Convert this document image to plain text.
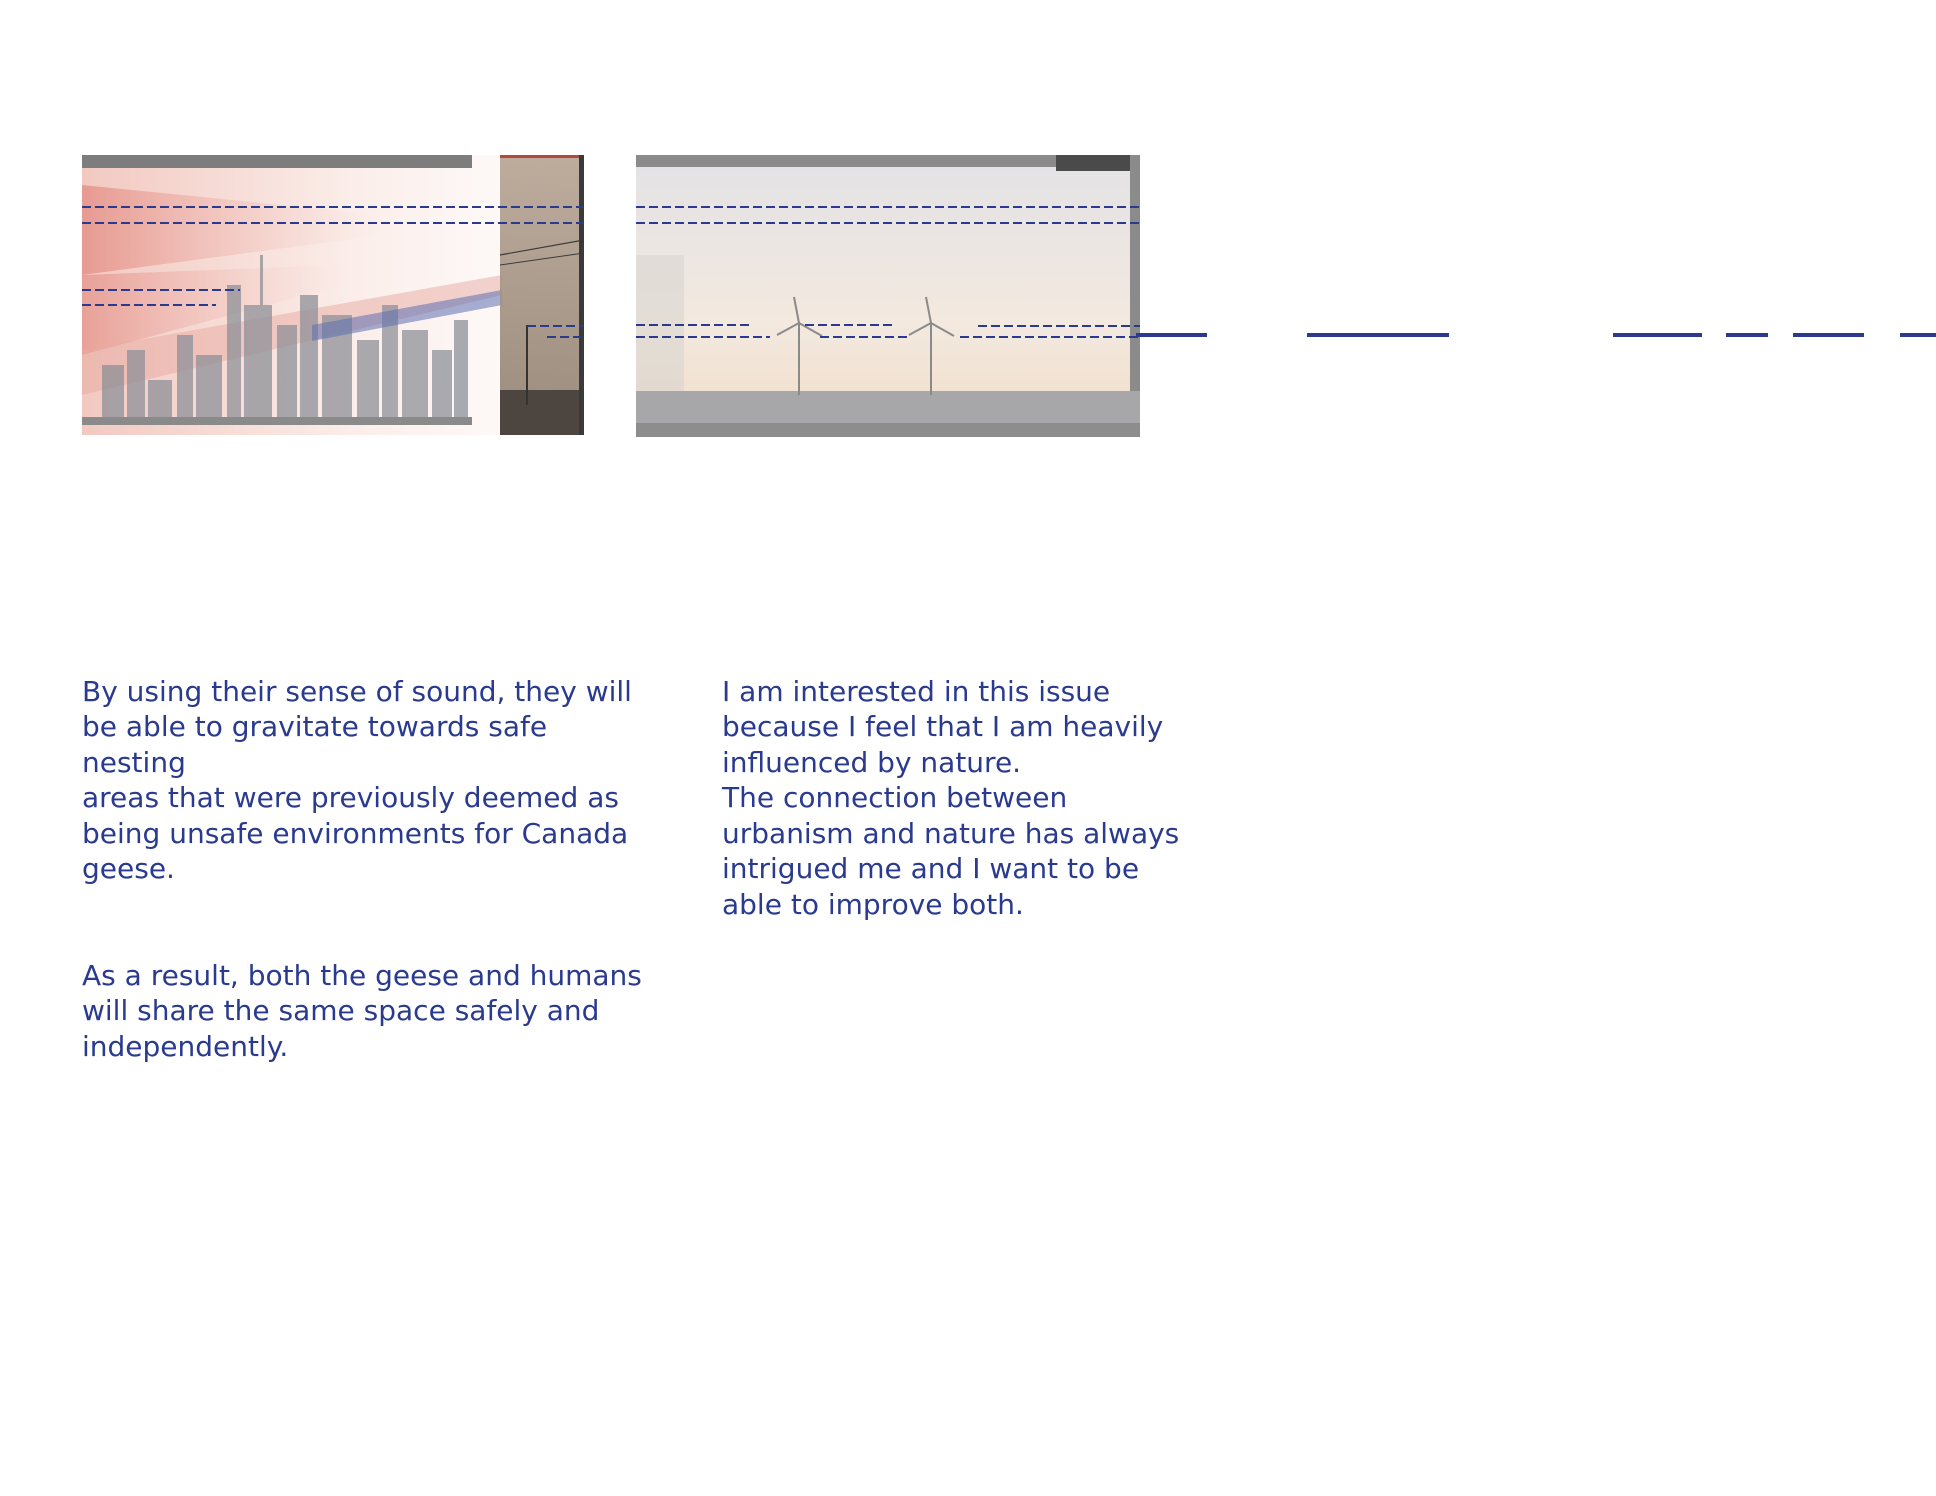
By using their sense of sound, they will
be able to gravitate towards safe nesting
areas that were previously deemed as
being unsafe environments for Canada
geese.

As a result, both the geese and humans
will share the same space safely and
independently.

I am interested in this issue
because I feel that I am heavily
influenced by nature.
The connection between
urbanism and nature has always
intrigued me and I want to be
able to improve both.
